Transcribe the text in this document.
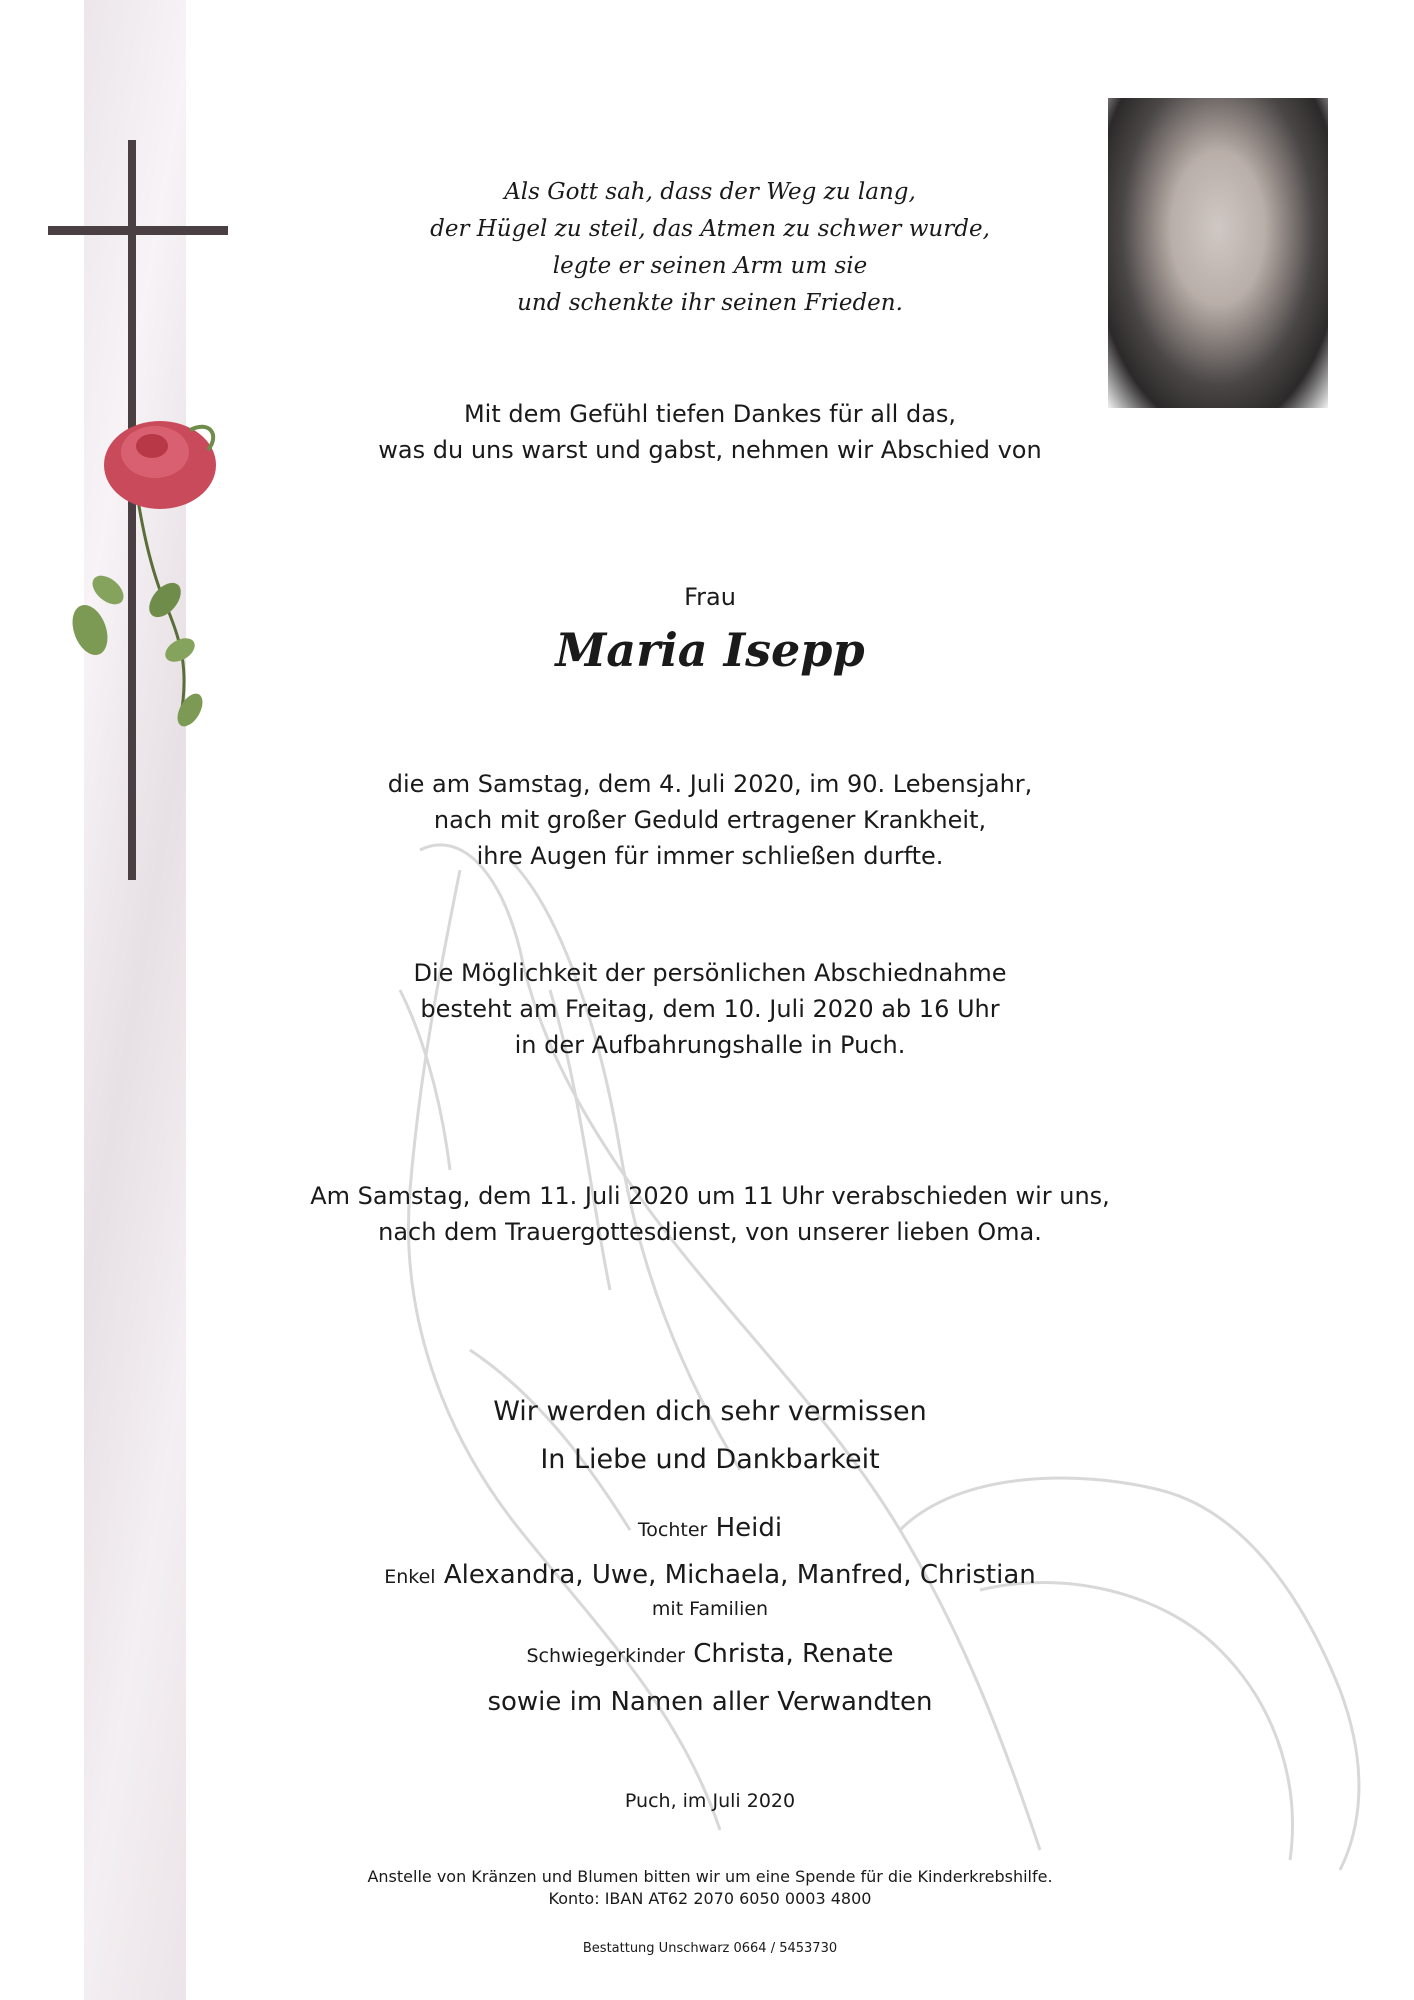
Als Gott sah, dass der Weg zu lang,
der Hügel zu steil, das Atmen zu schwer wurde,
legte er seinen Arm um sie
und schenkte ihr seinen Frieden.
Mit dem Gefühl tiefen Dankes für all das,
was du uns warst und gabst, nehmen wir Abschied von
Frau
Maria Isepp
die am Samstag, dem 4. Juli 2020, im 90. Lebensjahr,
nach mit großer Geduld ertragener Krankheit,
ihre Augen für immer schließen durfte.
Die Möglichkeit der persönlichen Abschiednahme
besteht am Freitag, dem 10. Juli 2020 ab 16 Uhr
in der Aufbahrungshalle in Puch.
Am Samstag, dem 11. Juli 2020 um 11 Uhr verabschieden wir uns,
nach dem Trauergottesdienst, von unserer lieben Oma.
Wir werden dich sehr vermissen
In Liebe und Dankbarkeit
Tochter Heidi
Enkel Alexandra, Uwe, Michaela, Manfred, Christian
mit Familien
Schwiegerkinder Christa, Renate
sowie im Namen aller Verwandten
Puch, im Juli 2020
Anstelle von Kränzen und Blumen bitten wir um eine Spende für die Kinderkrebshilfe.
Konto: IBAN AT62 2070 6050 0003 4800
Bestattung Unschwarz 0664 / 5453730
